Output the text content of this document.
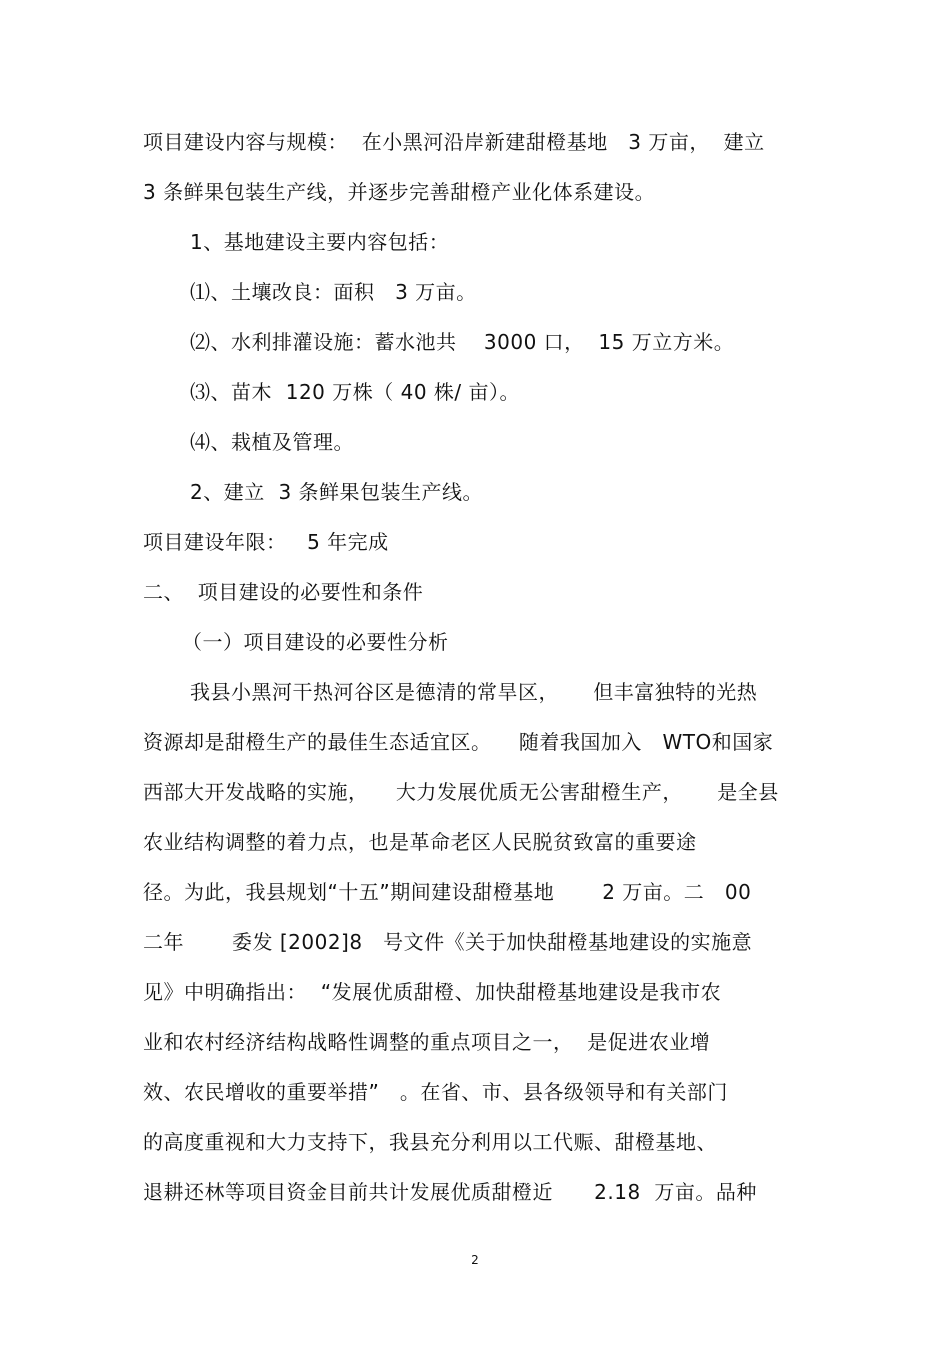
项目建设内容与规模：  在小黑河沿岸新建甜橙基地   3 万亩，  建立
3 条鲜果包装生产线，并逐步完善甜橙产业化体系建设。
1、基地建设主要内容包括：
⑴、土壤改良：面积   3 万亩。
⑵、水利排灌设施：蓄水池共    3000 口，  15 万立方米。
⑶、苗木  120 万株（ 40 株/ 亩）。
⑷、栽植及管理。
2、建立  3 条鲜果包装生产线。
项目建设年限：   5 年完成
二、  项目建设的必要性和条件
（一）项目建设的必要性分析
我县小黑河干热河谷区是德清的常旱区，     但丰富独特的光热
资源却是甜橙生产的最佳生态适宜区。    随着我国加入   WTO和国家
西部大开发战略的实施，    大力发展优质无公害甜橙生产，     是全县
农业结构调整的着力点，也是革命老区人民脱贫致富的重要途
径。为此，我县规划“十五”期间建设甜橙基地       2 万亩。二   00
二年       委发 [2002]8   号文件《关于加快甜橙基地建设的实施意
见》中明确指出：  “发展优质甜橙、加快甜橙基地建设是我市农
业和农村经济结构战略性调整的重点项目之一，  是促进农业增
效、农民增收的重要举措”   。在省、市、县各级领导和有关部门
的高度重视和大力支持下，我县充分利用以工代赈、甜橙基地、
退耕还林等项目资金目前共计发展优质甜橙近      2.18  万亩。品种
2
